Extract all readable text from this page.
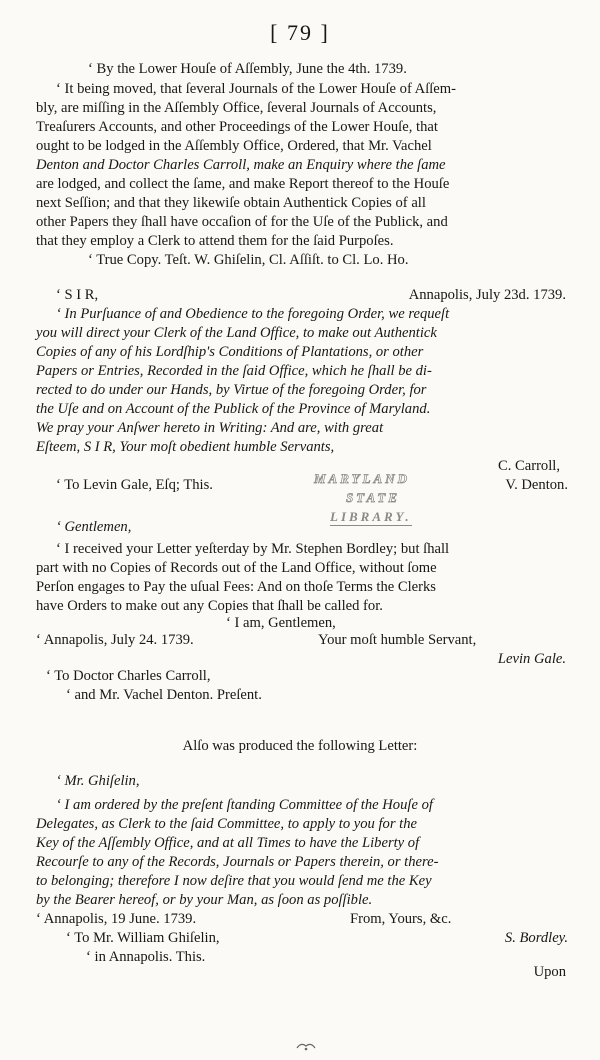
[ 79 ]
‘ By the Lower Houſe of Aſſembly, June the 4th. 1739.
‘ It being moved, that ſeveral Journals of the Lower Houſe of Aſſem-
bly, are miſſing in the Aſſembly Office, ſeveral Journals of Accounts,
Treaſurers Accounts, and other Proceedings of the Lower Houſe, that
ought to be lodged in the Aſſembly Office, Ordered, that Mr. Vachel
Denton and Doctor Charles Carroll, make an Enquiry where the ſame
are lodged, and collect the ſame, and make Report thereof to the Houſe
next Seſſion; and that they likewiſe obtain Authentick Copies of all
other Papers they ſhall have occaſion of for the Uſe of the Publick, and
that they employ a Clerk to attend them for the ſaid Purpoſes.
‘ True Copy. Teſt. W. Ghiſelin, Cl. Aſſiſt. to Cl. Lo. Ho.
‘ S I R,	Annapolis, July 23d. 1739.
‘ In Purſuance of and Obedience to the foregoing Order, we requeſt
you will direct your Clerk of the Land Office, to make out Authentick
Copies of any of his Lordſhip's Conditions of Plantations, or other
Papers or Entries, Recorded in the ſaid Office, which he ſhall be di-
rected to do under our Hands, by Virtue of the foregoing Order, for
the Uſe and on Account of the Publick of the Province of Maryland.
We pray your Anſwer hereto in Writing: And are, with great
Eſteem, S I R, Your moſt obedient humble Servants,
C. Carroll,
‘ To Levin Gale, Eſq; This.	V. Denton.
MARYLAND
STATE
LIBRARY.
‘ Gentlemen,
‘ I received your Letter yeſterday by Mr. Stephen Bordley; but ſhall
part with no Copies of Records out of the Land Office, without ſome
Perſon engages to Pay the uſual Fees: And on thoſe Terms the Clerks
have Orders to make out any Copies that ſhall be called for.
‘ I am, Gentlemen,
‘ Annapolis, July 24. 1739.	Your moſt humble Servant,
Levin Gale.
‘ To Doctor Charles Carroll,
‘ and Mr. Vachel Denton. Preſent.
Alſo was produced the following Letter:
‘ Mr. Ghiſelin,
‘ I am ordered by the preſent ſtanding Committee of the Houſe of
Delegates, as Clerk to the ſaid Committee, to apply to you for the
Key of the Aſſembly Office, and at all Times to have the Liberty of
Recourſe to any of the Records, Journals or Papers therein, or there-
to belonging; therefore I now deſire that you would ſend me the Key
by the Bearer hereof, or by your Man, as ſoon as poſſible.
‘ Annapolis, 19 June. 1739.	From, Yours, &c.
‘ To Mr. William Ghiſelin,	S. Bordley.
‘ in Annapolis. This.
Upon
